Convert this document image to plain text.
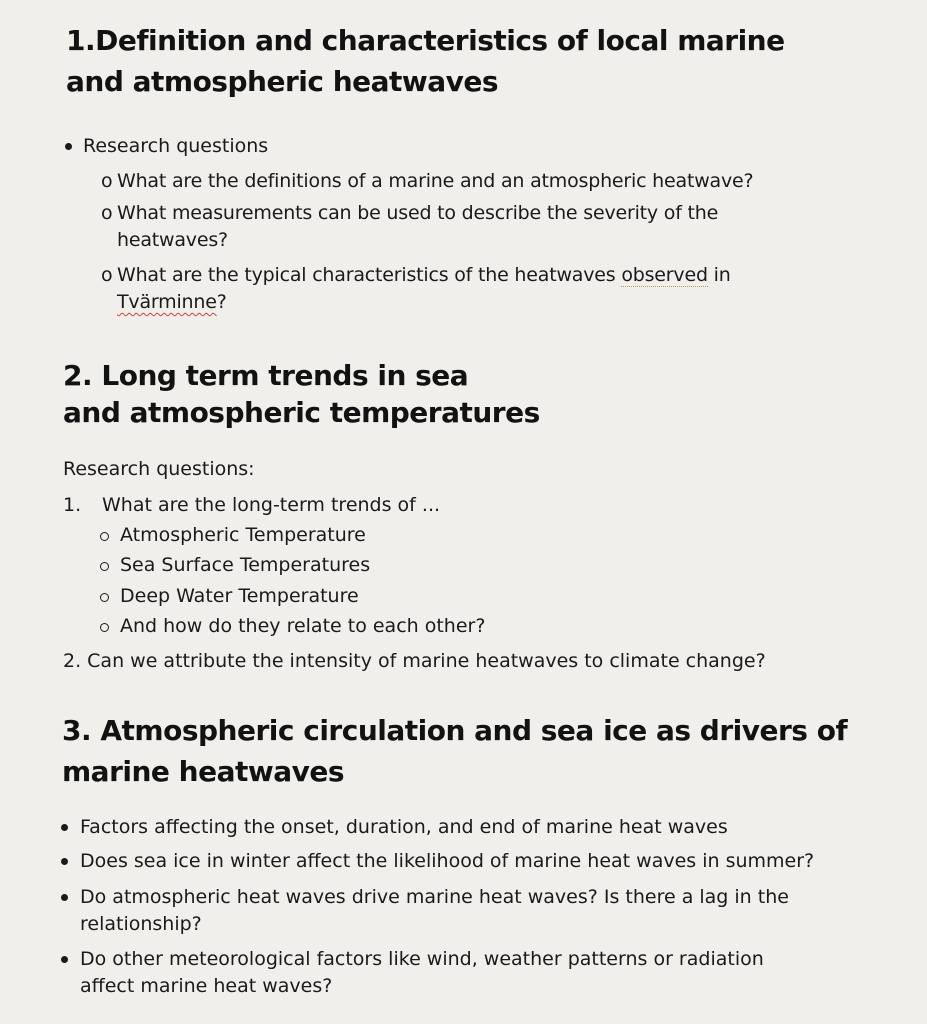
1.Definition and characteristics of local marine
and atmospheric heatwaves
Research questions
o What are the definitions of a marine and an atmospheric heatwave?
o What measurements can be used to describe the severity of the
heatwaves?
o What are the typical characteristics of the heatwaves observed in
Tvärminne?
2. Long term trends in sea
and atmospheric temperatures
Research questions:
1. What are the long-term trends of ...
Atmospheric Temperature
Sea Surface Temperatures
Deep Water Temperature
And how do they relate to each other?
2. Can we attribute the intensity of marine heatwaves to climate change?
3. Atmospheric circulation and sea ice as drivers of
marine heatwaves
Factors affecting the onset, duration, and end of marine heat waves
Does sea ice in winter affect the likelihood of marine heat waves in summer?
Do atmospheric heat waves drive marine heat waves? Is there a lag in the
relationship?
Do other meteorological factors like wind, weather patterns or radiation
affect marine heat waves?
